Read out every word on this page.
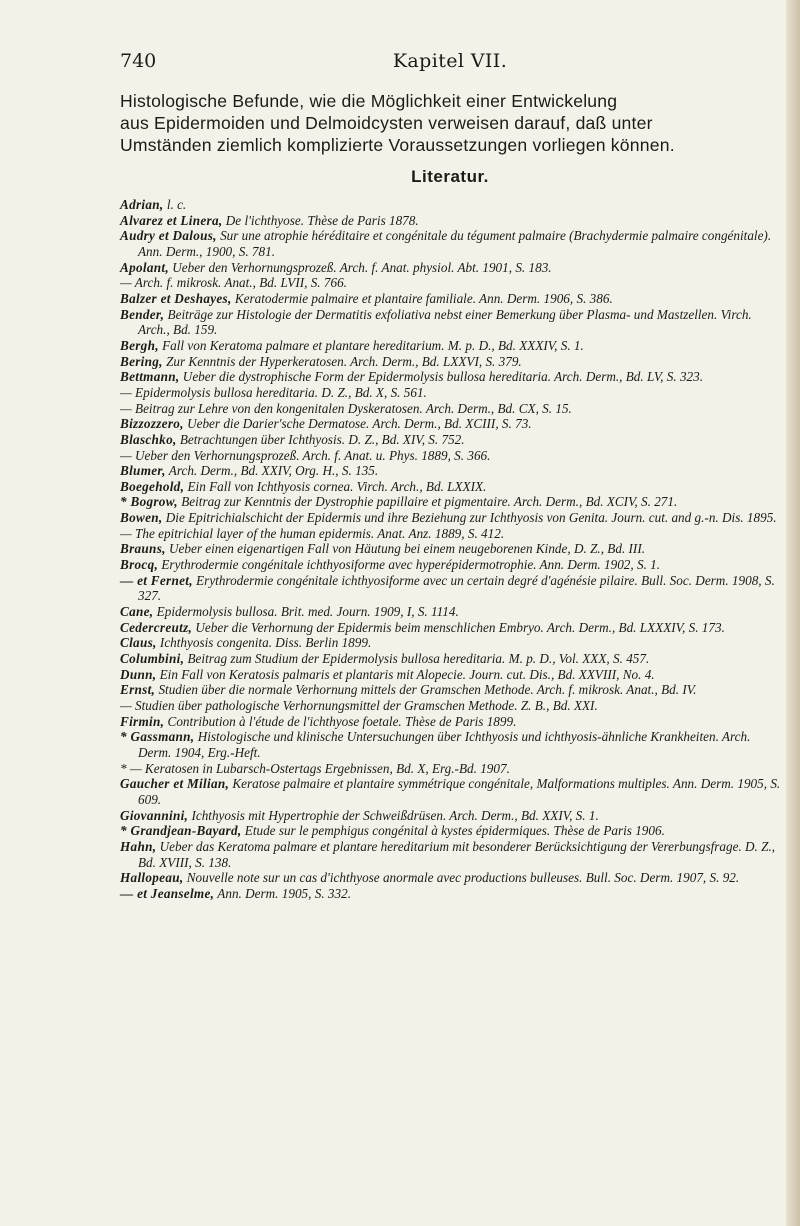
740	Kapitel VII.
Histologische Befunde, wie die Möglichkeit einer Entwickelung
aus Epidermoiden und Delmoidcysten verweisen darauf, daß unter
Umständen ziemlich komplizierte Voraussetzungen vorliegen können.
Literatur.
Adrian, l. c.
Alvarez et Linera, De l'ichthyose. Thèse de Paris 1878.
Audry et Dalous, Sur une atrophie héréditaire et congénitale du tégument palmaire (Brachydermie palmaire congénitale). Ann. Derm., 1900, S. 781.
Apolant, Ueber den Verhornungsprozeß. Arch. f. Anat. physiol. Abt. 1901, S. 183.
— Arch. f. mikrosk. Anat., Bd. LVII, S. 766.
Balzer et Deshayes, Keratodermie palmaire et plantaire familiale. Ann. Derm. 1906, S. 386.
Bender, Beiträge zur Histologie der Dermatitis exfoliativa nebst einer Bemerkung über Plasma- und Mastzellen. Virch. Arch., Bd. 159.
Bergh, Fall von Keratoma palmare et plantare hereditarium. M. p. D., Bd. XXXIV, S. 1.
Bering, Zur Kenntnis der Hyperkeratosen. Arch. Derm., Bd. LXXVI, S. 379.
Bettmann, Ueber die dystrophische Form der Epidermolysis bullosa hereditaria. Arch. Derm., Bd. LV, S. 323.
— Epidermolysis bullosa hereditaria. D. Z., Bd. X, S. 561.
— Beitrag zur Lehre von den kongenitalen Dyskeratosen. Arch. Derm., Bd. CX, S. 15.
Bizzozzero, Ueber die Darier'sche Dermatose. Arch. Derm., Bd. XCIII, S. 73.
Blaschko, Betrachtungen über Ichthyosis. D. Z., Bd. XIV, S. 752.
— Ueber den Verhornungsprozeß. Arch. f. Anat. u. Phys. 1889, S. 366.
Blumer, Arch. Derm., Bd. XXIV, Org. H., S. 135.
Boegehold, Ein Fall von Ichthyosis cornea. Virch. Arch., Bd. LXXIX.
* Bogrow, Beitrag zur Kenntnis der Dystrophie papillaire et pigmentaire. Arch. Derm., Bd. XCIV, S. 271.
Bowen, Die Epitrichialschicht der Epidermis und ihre Beziehung zur Ichthyosis von Genita. Journ. cut. and g.-n. Dis. 1895.
— The epitrichial layer of the human epidermis. Anat. Anz. 1889, S. 412.
Brauns, Ueber einen eigenartigen Fall von Häutung bei einem neugeborenen Kinde, D. Z., Bd. III.
Brocq, Erythrodermie congénitale ichthyosiforme avec hyperépidermotrophie. Ann. Derm. 1902, S. 1.
— et Fernet, Erythrodermie congénitale ichthyosiforme avec un certain degré d'agénésie pilaire. Bull. Soc. Derm. 1908, S. 327.
Cane, Epidermolysis bullosa. Brit. med. Journ. 1909, I, S. 1114.
Cedercreutz, Ueber die Verhornung der Epidermis beim menschlichen Embryo. Arch. Derm., Bd. LXXXIV, S. 173.
Claus, Ichthyosis congenita. Diss. Berlin 1899.
Columbini, Beitrag zum Studium der Epidermolysis bullosa hereditaria. M. p. D., Vol. XXX, S. 457.
Dunn, Ein Fall von Keratosis palmaris et plantaris mit Alopecie. Journ. cut. Dis., Bd. XXVIII, No. 4.
Ernst, Studien über die normale Verhornung mittels der Gramschen Methode. Arch. f. mikrosk. Anat., Bd. IV.
— Studien über pathologische Verhornungsmittel der Gramschen Methode. Z. B., Bd. XXI.
Firmin, Contribution à l'étude de l'ichthyose foetale. Thèse de Paris 1899.
* Gassmann, Histologische und klinische Untersuchungen über Ichthyosis und ichthyosis-ähnliche Krankheiten. Arch. Derm. 1904, Erg.-Heft.
* — Keratosen in Lubarsch-Ostertags Ergebnissen, Bd. X, Erg.-Bd. 1907.
Gaucher et Milian, Keratose palmaire et plantaire symmétrique congénitale, Malformations multiples. Ann. Derm. 1905, S. 609.
Giovannini, Ichthyosis mit Hypertrophie der Schweißdrüsen. Arch. Derm., Bd. XXIV, S. 1.
* Grandjean-Bayard, Etude sur le pemphigus congénital à kystes épidermiques. Thèse de Paris 1906.
Hahn, Ueber das Keratoma palmare et plantare hereditarium mit besonderer Berücksichtigung der Vererbungsfrage. D. Z., Bd. XVIII, S. 138.
Hallopeau, Nouvelle note sur un cas d'ichthyose anormale avec productions bulleuses. Bull. Soc. Derm. 1907, S. 92.
— et Jeanselme, Ann. Derm. 1905, S. 332.
